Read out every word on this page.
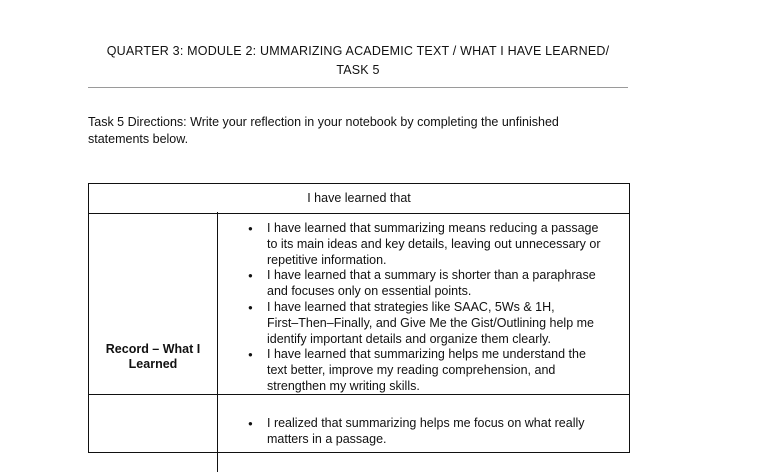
QUARTER 3: MODULE 2: UMMARIZING ACADEMIC TEXT / WHAT I HAVE LEARNED/
TASK 5
Task 5 Directions: Write your reflection in your notebook by completing the unfinished
statements below.
I have learned that
Record – What I
Learned
● I have learned that summarizing means reducing a passage
to its main ideas and key details, leaving out unnecessary or
repetitive information.
● I have learned that a summary is shorter than a paraphrase
and focuses only on essential points.
● I have learned that strategies like SAAC, 5Ws & 1H,
First–Then–Finally, and Give Me the Gist/Outlining help me
identify important details and organize them clearly.
● I have learned that summarizing helps me understand the
text better, improve my reading comprehension, and
strengthen my writing skills.
● I realized that summarizing helps me focus on what really
matters in a passage.
